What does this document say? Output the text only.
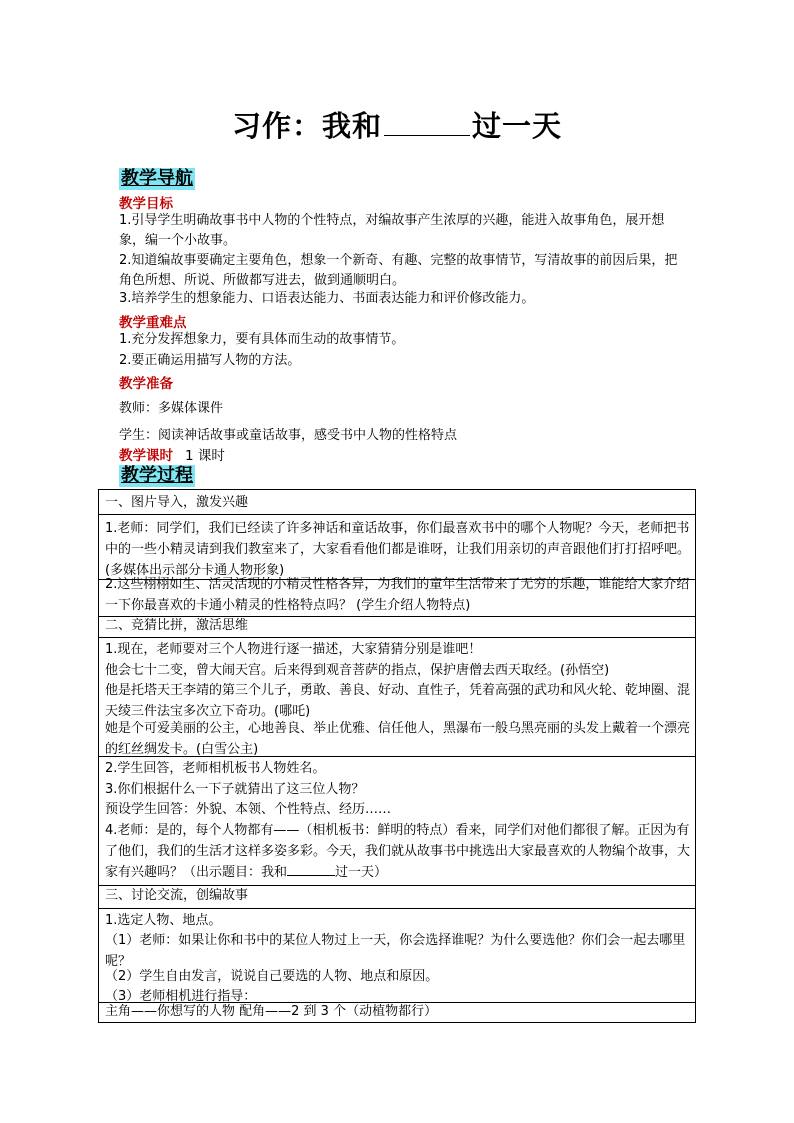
习作：我和	过一天
教学导航
教学目标
1.引导学生明确故事书中人物的个性特点，对编故事产生浓厚的兴趣，能进入故事角色，展开想象，编一个小故事。
2.知道编故事要确定主要角色，想象一个新奇、有趣、完整的故事情节，写清故事的前因后果，把角色所想、所说、所做都写进去，做到通顺明白。
3.培养学生的想象能力、口语表达能力、书面表达能力和评价修改能力。
教学重难点
1.充分发挥想象力，要有具体而生动的故事情节。
2.要正确运用描写人物的方法。
教学准备
教师：多媒体课件
学生：阅读神话故事或童话故事，感受书中人物的性格特点
教学课时 1 课时
教学过程
一、图片导入，激发兴趣
1.老师：同学们，我们已经读了许多神话和童话故事，你们最喜欢书中的哪个人物呢？今天，老师把书中的一些小精灵请到我们教室来了，大家看看他们都是谁呀，让我们用亲切的声音跟他们打打招呼吧。(多媒体出示部分卡通人物形象)
2.这些栩栩如生、活灵活现的小精灵性格各异，为我们的童年生活带来了无穷的乐趣，谁能给大家介绍一下你最喜欢的卡通小精灵的性格特点吗？ (学生介绍人物特点)
二、竞猜比拼，激活思维
1.现在，老师要对三个人物进行逐一描述，大家猜猜分别是谁吧！
他会七十二变，曾大闹天宫。后来得到观音菩萨的指点，保护唐僧去西天取经。(孙悟空)
他是托塔天王李靖的第三个儿子，勇敢、善良、好动、直性子，凭着高强的武功和风火轮、乾坤圈、混天绫三件法宝多次立下奇功。(哪吒)
她是个可爱美丽的公主，心地善良、举止优雅、信任他人，黑瀑布一般乌黑亮丽的头发上戴着一个漂亮的红丝绸发卡。(白雪公主)
2.学生回答，老师相机板书人物姓名。
3.你们根据什么一下子就猜出了这三位人物？
预设学生回答：外貌、本领、个性特点、经历……
4.老师：是的，每个人物都有——（相机板书：鲜明的特点）看来，同学们对他们都很了解。正因为有了他们，我们的生活才这样多姿多彩。今天，我们就从故事书中挑选出大家最喜欢的人物编个故事，大家有兴趣吗？（出示题目：我和	过一天）
三、讨论交流，创编故事
1.选定人物、地点。
（1）老师：如果让你和书中的某位人物过上一天，你会选择谁呢？为什么要选他？你们会一起去哪里呢？
（2）学生自由发言，说说自己要选的人物、地点和原因。
（3）老师相机进行指导：
主角——你想写的人物 配角——2 到 3 个（动植物都行）
